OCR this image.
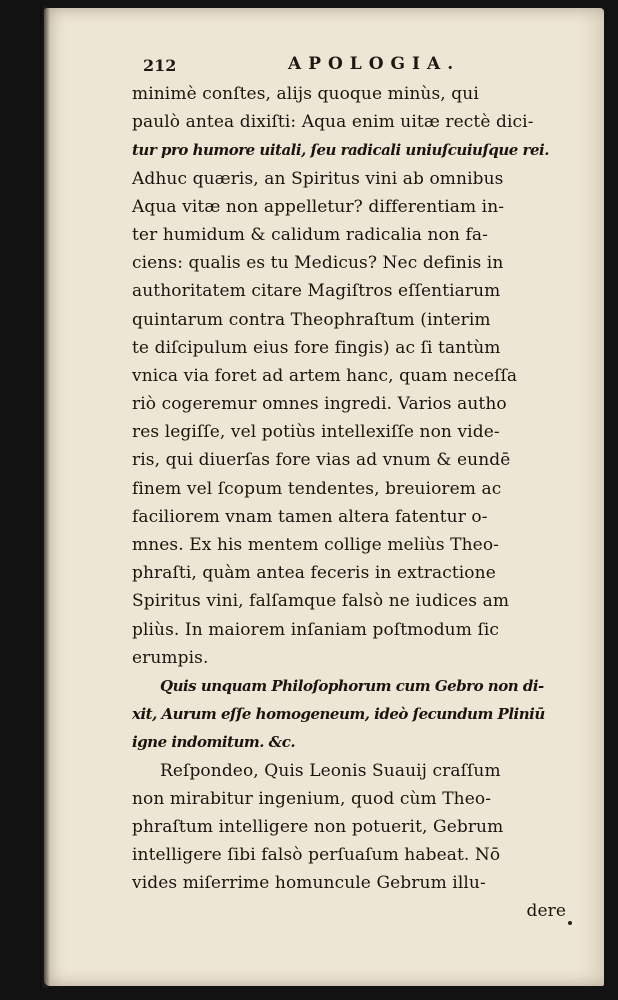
212	APOLOGIA.
minimè conſtes, alijs quoque minùs, qui
paulò antea dixiſti: Aqua enim uitæ rectè dici-
tur pro humore uitali, ſeu radicali uniuſcuiuſque rei.
Adhuc quæris, an Spiritus vini ab omnibus
Aqua vitæ non appelletur? differentiam in-
ter humidum & calidum radicalia non fa-
ciens: qualis es tu Medicus? Nec definis in
authoritatem citare Magiſtros eſſentiarum
quintarum contra Theophraſtum (interim
te diſcipulum eius fore fingis) ac ſi tantùm
vnica via foret ad artem hanc, quam neceſſa
riò cogeremur omnes ingredi. Varios autho
res legiſſe, vel potiùs intellexiſſe non vide-
ris, qui diuerſas fore vias ad vnum & eundē
finem vel ſcopum tendentes, breuiorem ac
faciliorem vnam tamen altera fatentur o-
mnes. Ex his mentem collige meliùs Theo-
phraſti, quàm antea feceris in extractione
Spiritus vini, falſamque falsò ne iudices am
pliùs. In maiorem inſaniam poſtmodum ſic
erumpis.
Quis unquam Philoſophorum cum Gebro non di-
xit, Aurum eſſe homogeneum, ideò ſecundum Pliniū
igne indomitum. &c.
Reſpondeo, Quis Leonis Suauij craſſum
non mirabitur ingenium, quod cùm Theo-
phraſtum intelligere non potuerit, Gebrum
intelligere ſibi falsò perſuaſum habeat. Nō
vides miſerrime homuncule Gebrum illu-
dere
